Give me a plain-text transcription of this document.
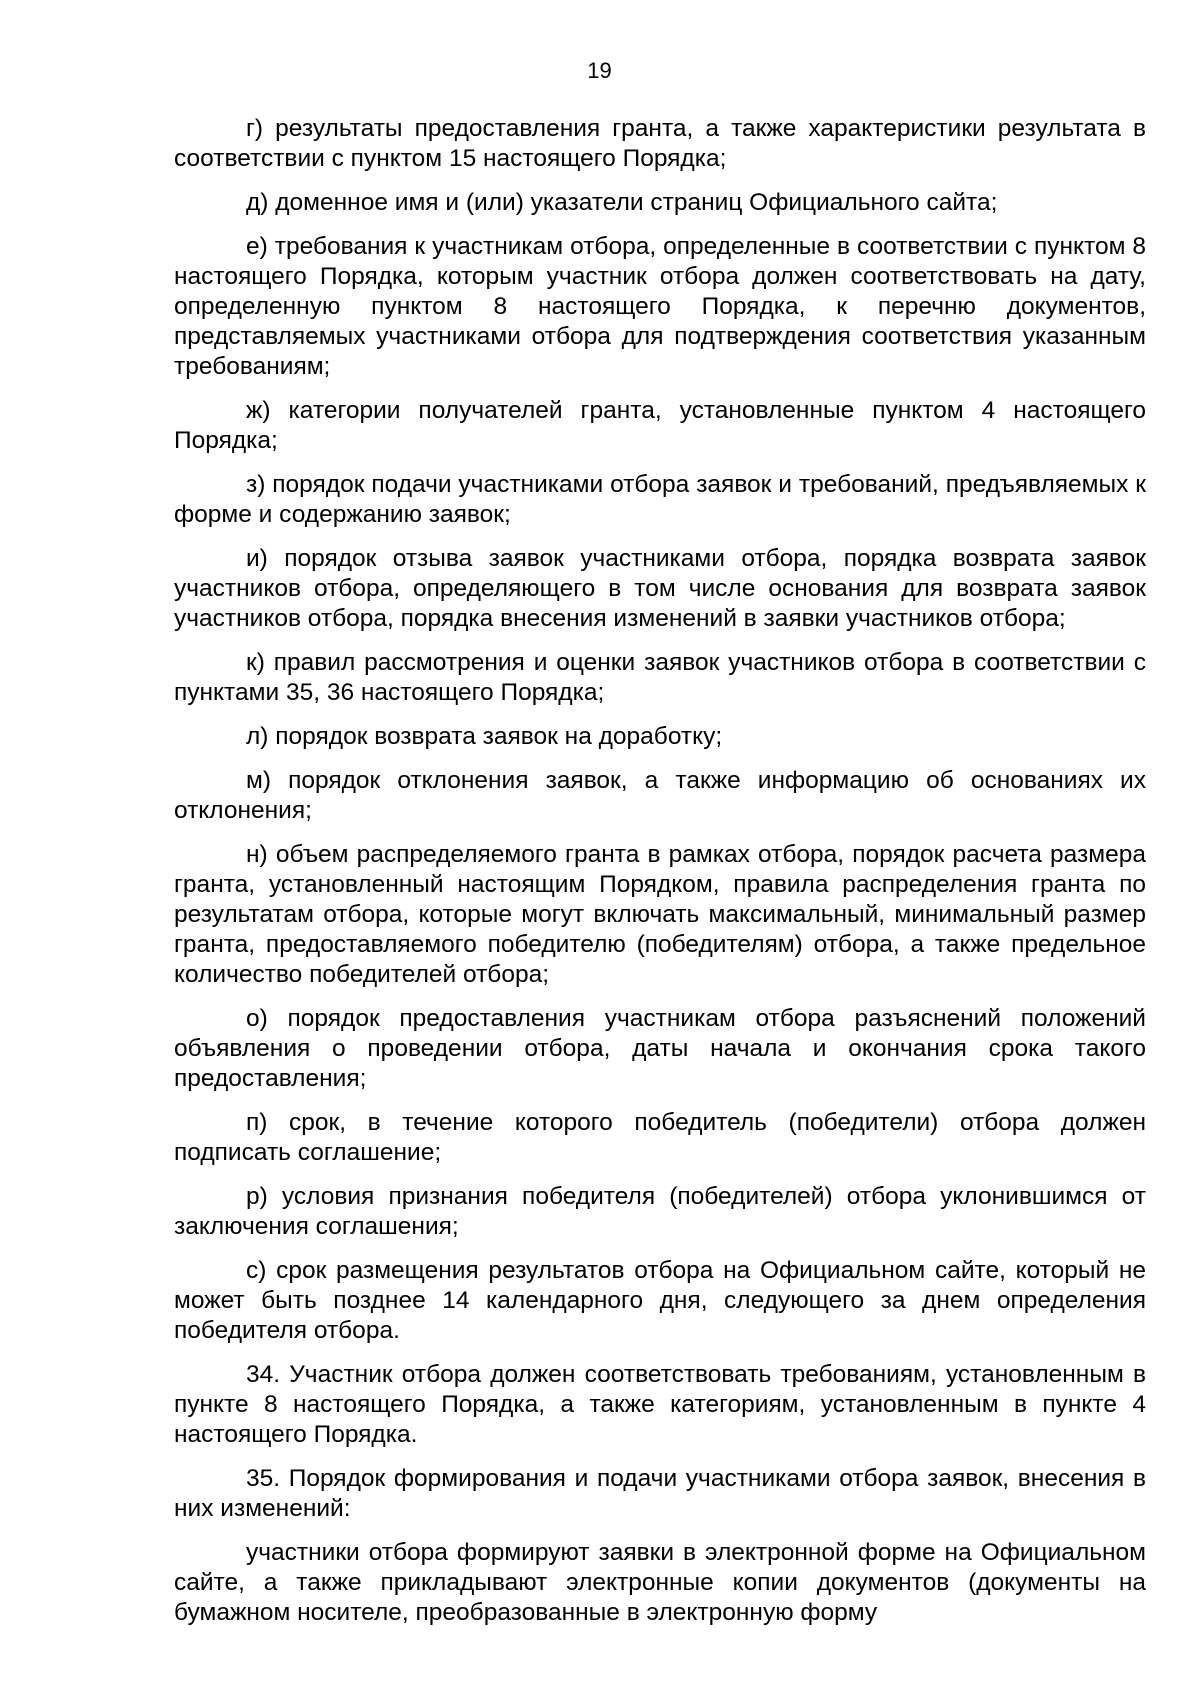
19

г) результаты предоставления гранта, а также характеристики результата в соответствии с пунктом 15 настоящего Порядка;

д) доменное имя и (или) указатели страниц Официального сайта;

е) требования к участникам отбора, определенные в соответствии с пунктом 8 настоящего Порядка, которым участник отбора должен соответствовать на дату, определенную пунктом 8 настоящего Порядка, к перечню документов, представляемых участниками отбора для подтверждения соответствия указанным требованиям;

ж) категории получателей гранта, установленные пунктом 4 настоящего Порядка;

з) порядок подачи участниками отбора заявок и требований, предъявляемых к форме и содержанию заявок;

и) порядок отзыва заявок участниками отбора, порядка возврата заявок участников отбора, определяющего в том числе основания для возврата заявок участников отбора, порядка внесения изменений в заявки участников отбора;

к) правил рассмотрения и оценки заявок участников отбора в соответствии с пунктами 35, 36 настоящего Порядка;

л) порядок возврата заявок на доработку;

м) порядок отклонения заявок, а также информацию об основаниях их отклонения;

н) объем распределяемого гранта в рамках отбора, порядок расчета размера гранта, установленный настоящим Порядком, правила распределения гранта по результатам отбора, которые могут включать максимальный, минимальный размер гранта, предоставляемого победителю (победителям) отбора, а также предельное количество победителей отбора;

о) порядок предоставления участникам отбора разъяснений положений объявления о проведении отбора, даты начала и окончания срока такого предоставления;

п) срок, в течение которого победитель (победители) отбора должен подписать соглашение;

р) условия признания победителя (победителей) отбора уклонившимся от заключения соглашения;

с) срок размещения результатов отбора на Официальном сайте, который не может быть позднее 14 календарного дня, следующего за днем определения победителя отбора.

34. Участник отбора должен соответствовать требованиям, установленным в пункте 8 настоящего Порядка, а также категориям, установленным в пункте 4 настоящего Порядка.

35. Порядок формирования и подачи участниками отбора заявок, внесения в них изменений:

участники отбора формируют заявки в электронной форме на Официальном сайте, а также прикладывают электронные копии документов (документы на бумажном носителе, преобразованные в электронную форму
